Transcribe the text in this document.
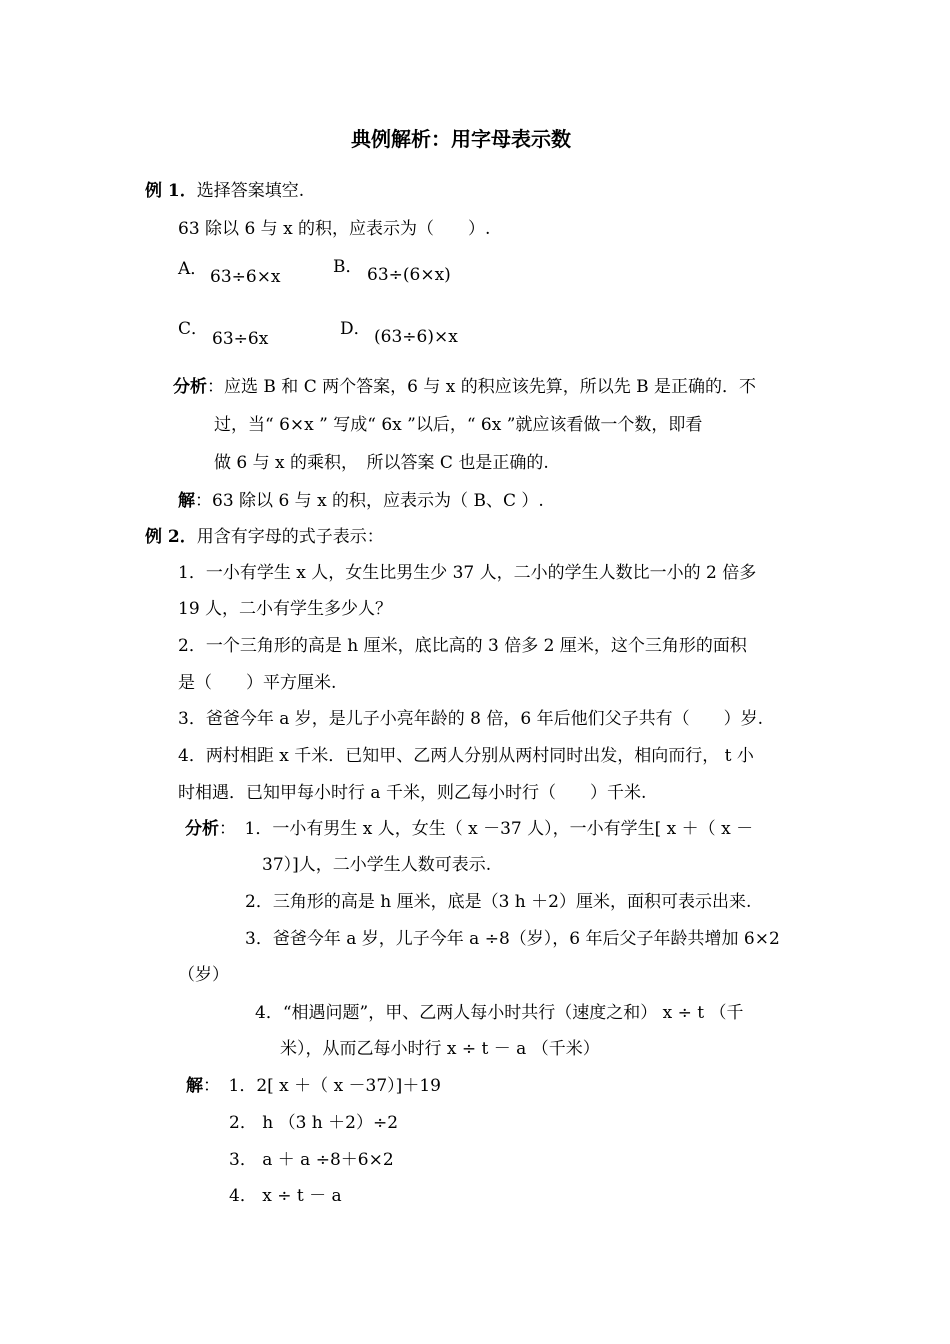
典例解析：用字母表示数
例 1．选择答案填空.
63 除以 6 与 x 的积，应表示为（　　）.
A． 63÷6×x	B． 63÷(6×x)
C． 63÷6x	D． (63÷6)×x
分析：应选 B 和 C 两个答案，6 与 x 的积应该先算，所以先 B 是正确的．不
过，当“ 6×x ” 写成“ 6x ”以后，“ 6x ”就应该看做一个数，即看
做 6 与 x 的乘积，　所以答案 C 也是正确的.
解：63 除以 6 与 x 的积，应表示为（ B、C ）.
例 2．用含有字母的式子表示：
1．一小有学生 x 人，女生比男生少 37 人，二小的学生人数比一小的 2 倍多
19 人，二小有学生多少人？
2．一个三角形的高是 h 厘米，底比高的 3 倍多 2 厘米，这个三角形的面积
是（　　）平方厘米.
3．爸爸今年 a 岁，是儿子小亮年龄的 8 倍，6 年后他们父子共有（　　）岁.
4．两村相距 x 千米．已知甲、乙两人分别从两村同时出发，相向而行， t 小
时相遇．已知甲每小时行 a 千米，则乙每小时行（　　）千米.
分析：　1．一小有男生 x 人，女生（ x －37 人），一小有学生[ x ＋（ x －
37）]人，二小学生人数可表示.
2．三角形的高是 h 厘米，底是（3 h ＋2）厘米，面积可表示出来.
3．爸爸今年 a 岁，儿子今年 a ÷8（岁），6 年后父子年龄共增加 6×2
（岁）
4．“相遇问题”，甲、乙两人每小时共行（速度之和） x ÷ t （千
米），从而乙每小时行 x ÷ t － a （千米）
解：　1．2[ x ＋（ x －37）]＋19
2． h （3 h ＋2）÷2
3． a ＋ a ÷8＋6×2
4． x ÷ t － a
